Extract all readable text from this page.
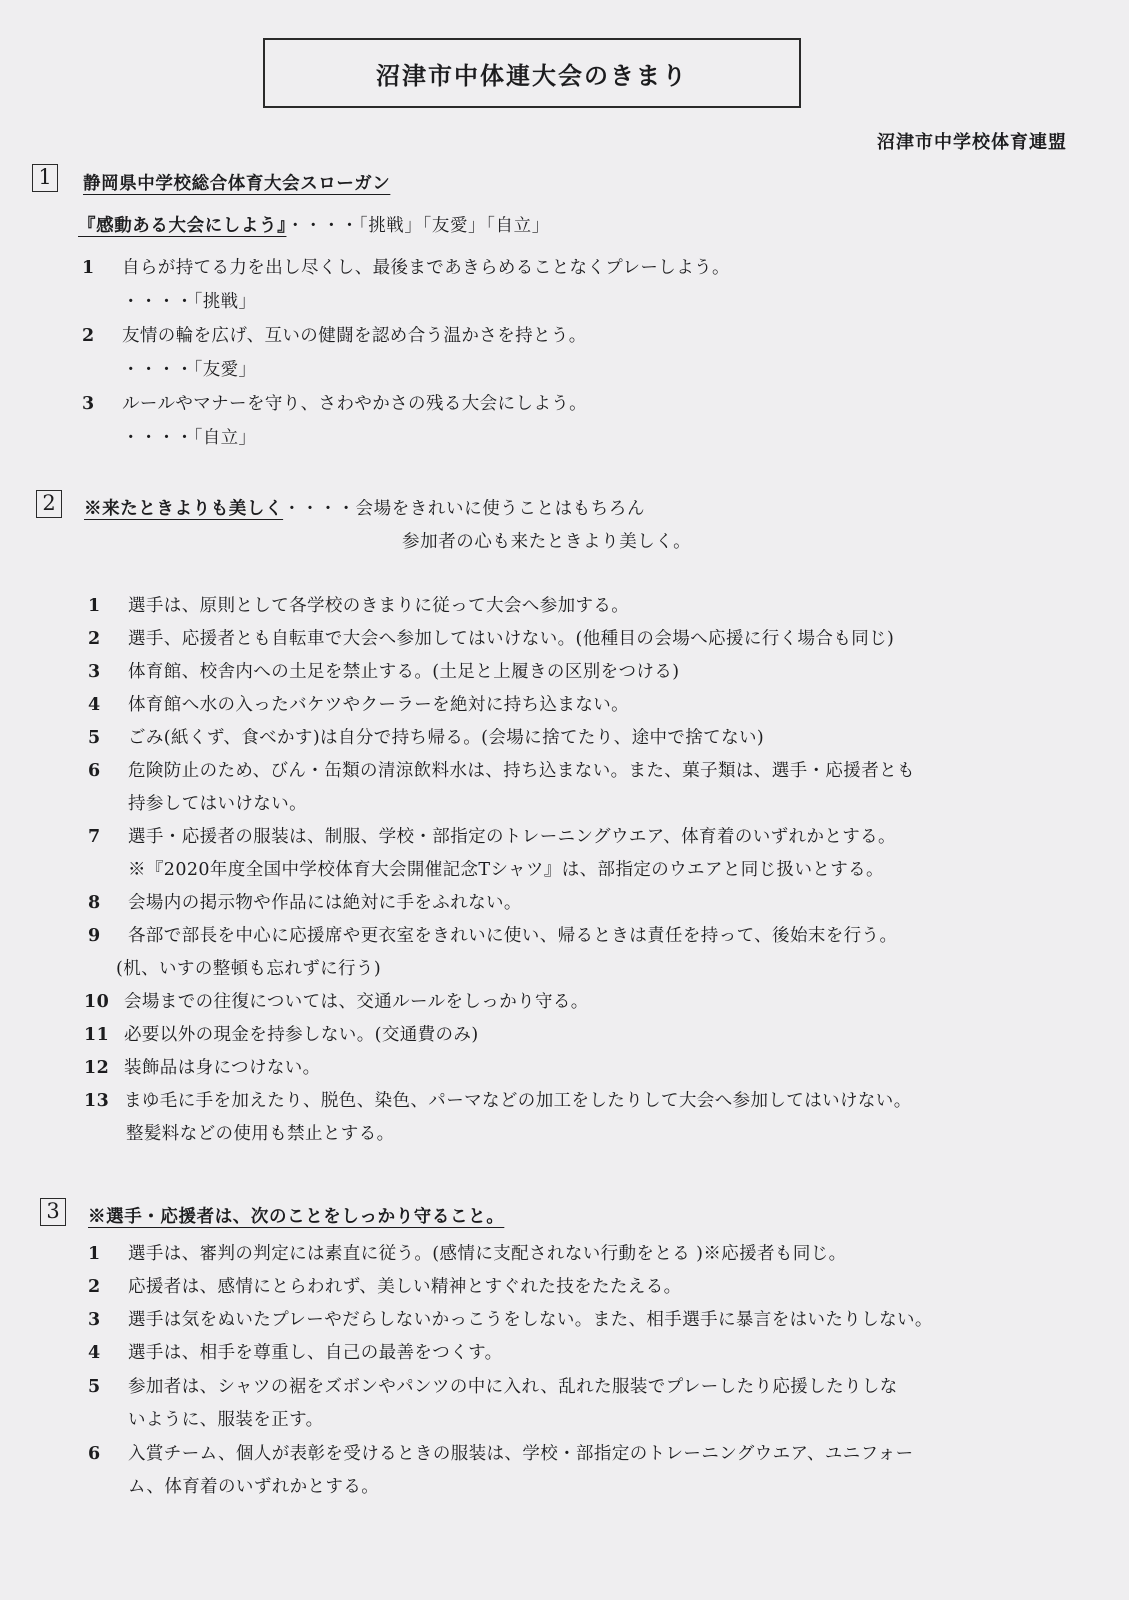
沼津市中体連大会のきまり
沼津市中学校体育連盟
1	静岡県中学校総合体育大会スローガン
『感動ある大会にしよう』・・・・「挑戦」「友愛」「自立」
1 自らが持てる力を出し尽くし、最後まであきらめることなくプレーしよう。
・・・・「挑戦」
2 友情の輪を広げ、互いの健闘を認め合う温かさを持とう。
・・・・「友愛」
3 ルールやマナーを守り、さわやかさの残る大会にしよう。
・・・・「自立」
2	※来たときよりも美しく・・・・会場をきれいに使うことはもちろん
参加者の心も来たときより美しく。
1 選手は、原則として各学校のきまりに従って大会へ参加する。
2 選手、応援者とも自転車で大会へ参加してはいけない。(他種目の会場へ応援に行く場合も同じ)
3 体育館、校舎内への土足を禁止する。(土足と上履きの区別をつける)
4 体育館へ水の入ったバケツやクーラーを絶対に持ち込まない。
5 ごみ(紙くず、食べかす)は自分で持ち帰る。(会場に捨てたり、途中で捨てない)
6 危険防止のため、びん・缶類の清涼飲料水は、持ち込まない。また、菓子類は、選手・応援者とも
持参してはいけない。
7 選手・応援者の服装は、制服、学校・部指定のトレーニングウエア、体育着のいずれかとする。
※『2020年度全国中学校体育大会開催記念Tシャツ』は、部指定のウエアと同じ扱いとする。
8 会場内の掲示物や作品には絶対に手をふれない。
9 各部で部長を中心に応援席や更衣室をきれいに使い、帰るときは責任を持って、後始末を行う。
(机、いすの整頓も忘れずに行う)
10 会場までの往復については、交通ルールをしっかり守る。
11 必要以外の現金を持参しない。(交通費のみ)
12 装飾品は身につけない。
13 まゆ毛に手を加えたり、脱色、染色、パーマなどの加工をしたりして大会へ参加してはいけない。
整髪料などの使用も禁止とする。
3	※選手・応援者は、次のことをしっかり守ること。
1 選手は、審判の判定には素直に従う。(感情に支配されない行動をとる )※応援者も同じ。
2 応援者は、感情にとらわれず、美しい精神とすぐれた技をたたえる。
3 選手は気をぬいたプレーやだらしないかっこうをしない。また、相手選手に暴言をはいたりしない。
4 選手は、相手を尊重し、自己の最善をつくす。
5 参加者は、シャツの裾をズボンやパンツの中に入れ、乱れた服装でプレーしたり応援したりしな
いように、服装を正す。
6 入賞チーム、個人が表彰を受けるときの服装は、学校・部指定のトレーニングウエア、ユニフォー
ム、体育着のいずれかとする。
